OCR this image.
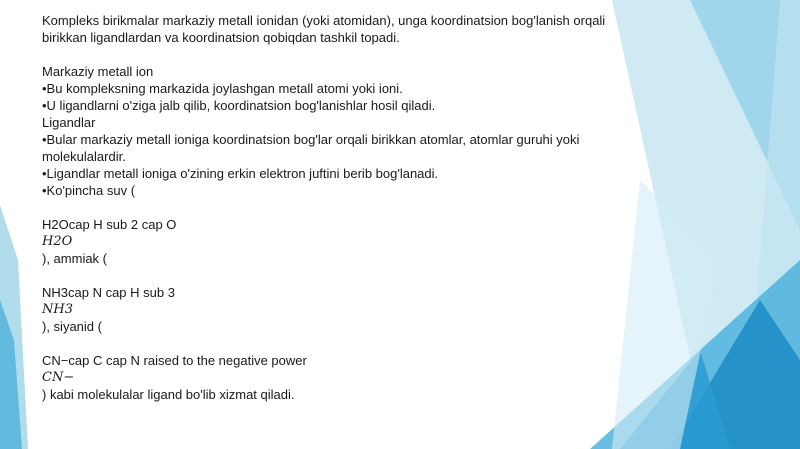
Kompleks birikmalar markaziy metall ionidan (yoki atomidan), unga koordinatsion bog'lanish orqali

birikkan ligandlardan va koordinatsion qobiqdan tashkil topadi.

Markaziy metall ion

•Bu kompleksning markazida joylashgan metall atomi yoki ioni.

•U ligandlarni o'ziga jalb qilib, koordinatsion bog'lanishlar hosil qiladi.

Ligandlar

•Bular markaziy metall ioniga koordinatsion bog'lar orqali birikkan atomlar, atomlar guruhi yoki molekulalardir.

•Ligandlar metall ioniga o'zining erkin elektron juftini berib bog'lanadi.

•Ko'pincha suv (

H2Ocap H sub 2 cap O

𝐻2𝑂

), ammiak (

NH3cap N cap H sub 3

𝑁𝐻3

), siyanid (

CN−cap C cap N raised to the negative power

𝐶𝑁−

) kabi molekulalar ligand bo'lib xizmat qiladi.
